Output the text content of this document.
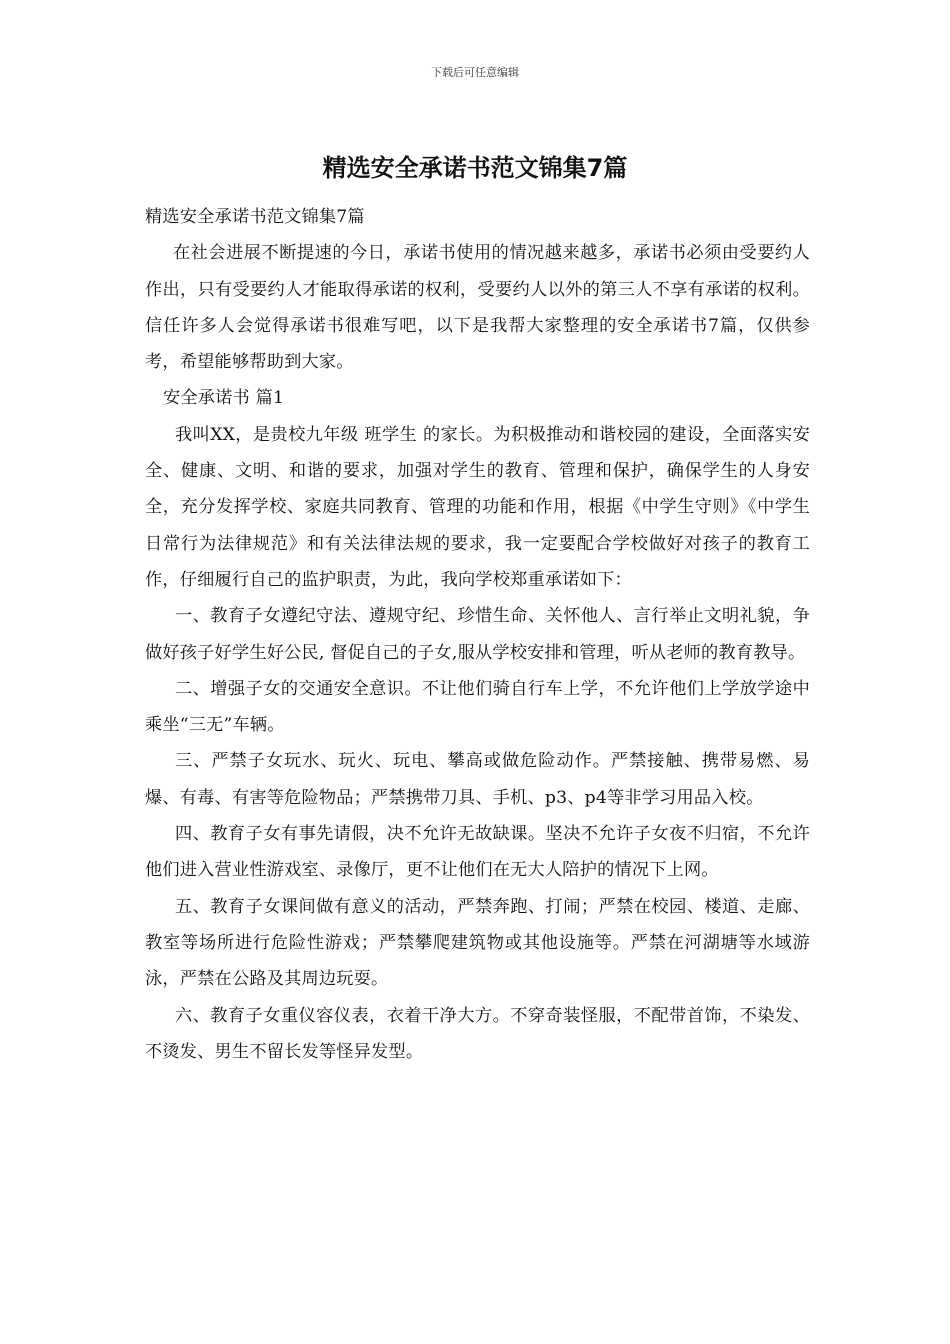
下载后可任意编辑
精选安全承诺书范文锦集7篇

精选安全承诺书范文锦集7篇

在社会进展不断提速的今日，承诺书使用的情况越来越多，承诺书必须由受要约人作出，只有受要约人才能取得承诺的权利，受要约人以外的第三人不享有承诺的权利。信任许多人会觉得承诺书很难写吧，以下是我帮大家整理的安全承诺书7篇，仅供参考，希望能够帮助到大家。

安全承诺书 篇1

我叫XX，是贵校九年级 班学生 的家长。为积极推动和谐校园的建设，全面落实安全、健康、文明、和谐的要求，加强对学生的教育、管理和保护，确保学生的人身安全，充分发挥学校、家庭共同教育、管理的功能和作用，根据《中学生守则》《中学生日常行为法律规范》和有关法律法规的要求，我一定要配合学校做好对孩子的教育工作，仔细履行自己的监护职责，为此，我向学校郑重承诺如下：

一、教育子女遵纪守法、遵规守纪、珍惜生命、关怀他人、言行举止文明礼貌，争做好孩子好学生好公民, 督促自己的子女,服从学校安排和管理，听从老师的教育教导。

二、增强子女的交通安全意识。不让他们骑自行车上学，不允许他们上学放学途中乘坐“三无”车辆。

三、严禁子女玩水、玩火、玩电、攀高或做危险动作。严禁接触、携带易燃、易爆、有毒、有害等危险物品；严禁携带刀具、手机、p3、p4等非学习用品入校。

四、教育子女有事先请假，决不允许无故缺课。坚决不允许子女夜不归宿，不允许他们进入营业性游戏室、录像厅，更不让他们在无大人陪护的情况下上网。

五、教育子女课间做有意义的活动，严禁奔跑、打闹；严禁在校园、楼道、走廊、教室等场所进行危险性游戏；严禁攀爬建筑物或其他设施等。严禁在河湖塘等水域游泳，严禁在公路及其周边玩耍。

六、教育子女重仪容仪表，衣着干净大方。不穿奇装怪服，不配带首饰，不染发、不烫发、男生不留长发等怪异发型。
